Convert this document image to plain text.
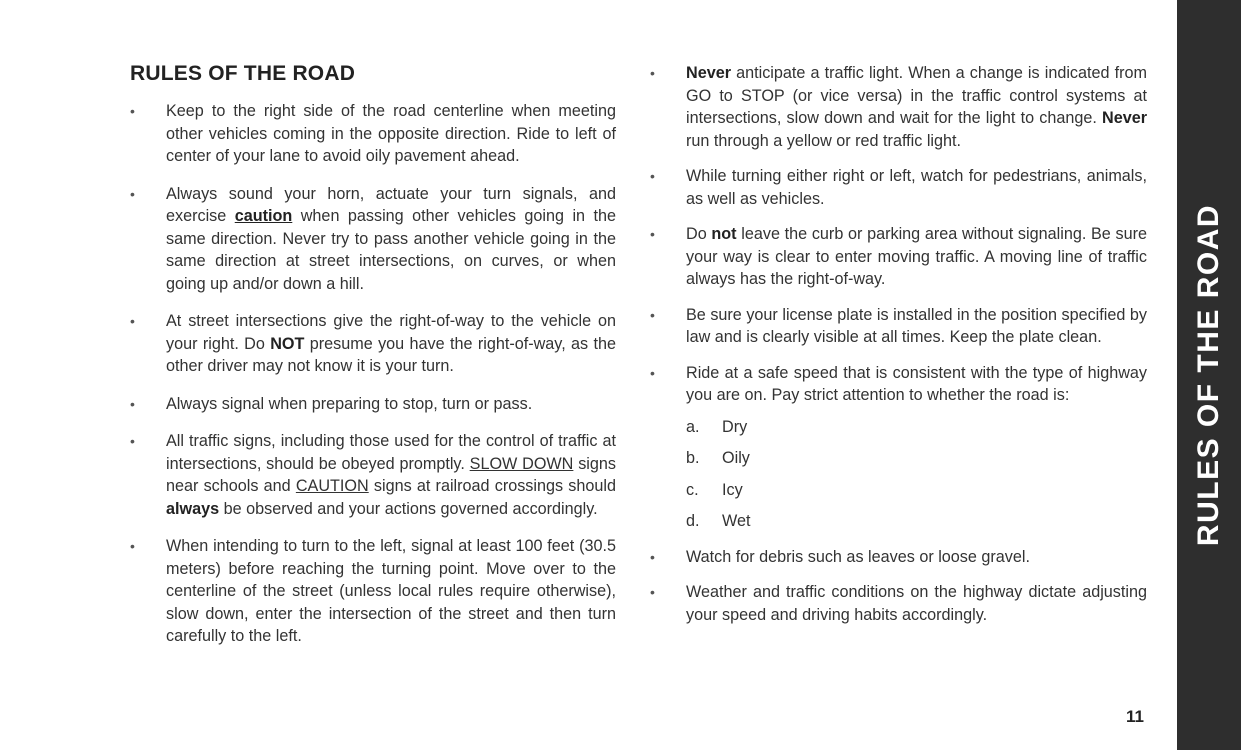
RULES OF THE ROAD
•	Keep to the right side of the road centerline when meeting other vehicles coming in the opposite direction. Ride to left of center of your lane to avoid oily pavement ahead.
•	Always sound your horn, actuate your turn signals, and exercise caution when passing other vehicles going in the same direction. Never try to pass another vehicle going in the same direction at street intersections, on curves, or when going up and/or down a hill.
•	At street intersections give the right-of-way to the vehicle on your right. Do NOT presume you have the right-of-way, as the other driver may not know it is your turn.
•	Always signal when preparing to stop, turn or pass.
•	All traffic signs, including those used for the control of traffic at intersections, should be obeyed promptly. SLOW DOWN signs near schools and CAUTION signs at railroad crossings should always be observed and your actions governed accordingly.
•	When intending to turn to the left, signal at least 100 feet (30.5 meters) before reaching the turning point. Move over to the centerline of the street (unless local rules require otherwise), slow down, enter the intersection of the street and then turn carefully to the left.
•	Never anticipate a traffic light. When a change is indicated from GO to STOP (or vice versa) in the traffic control systems at intersections, slow down and wait for the light to change. Never run through a yellow or red traffic light.
•	While turning either right or left, watch for pedestrians, animals, as well as vehicles.
•	Do not leave the curb or parking area without signaling. Be sure your way is clear to enter moving traffic. A moving line of traffic always has the right-of-way.
•	Be sure your license plate is installed in the position specified by law and is clearly visible at all times. Keep the plate clean.
•	Ride at a safe speed that is consistent with the type of highway you are on. Pay strict attention to whether the road is:
a.	Dry
b.	Oily
c.	Icy
d.	Wet
•	Watch for debris such as leaves or loose gravel.
•	Weather and traffic conditions on the highway dictate adjusting your speed and driving habits accordingly.
11
RULES OF THE ROAD
